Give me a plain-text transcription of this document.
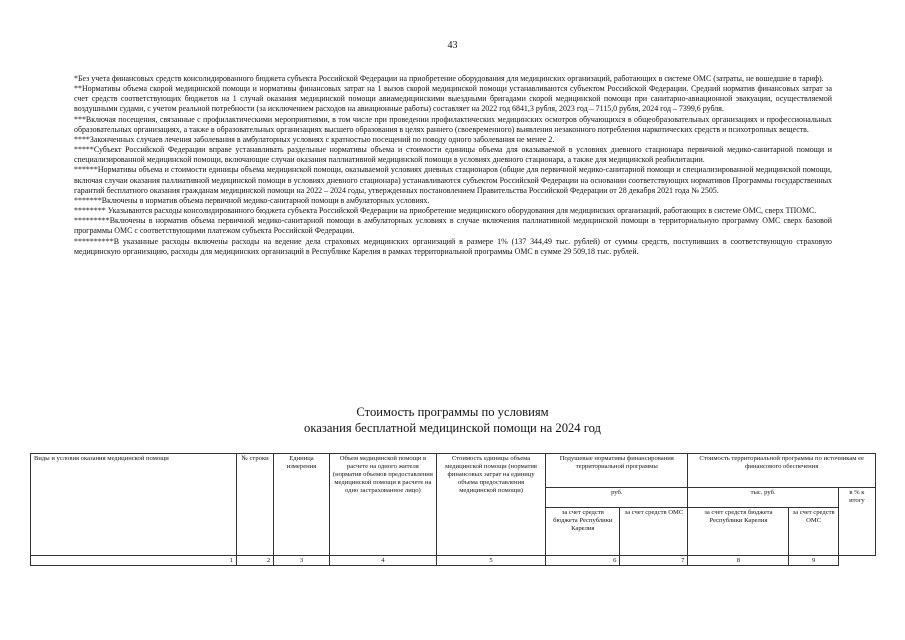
43

*Без учета финансовых средств консолидированного бюджета субъекта Российской Федерации на приобретение оборудования для медицинских организаций, работающих в системе ОМС (затраты, не вошедшие в тариф).

**Нормативы объема скорой медицинской помощи и нормативы финансовых затрат на 1 вызов скорой медицинской помощи устанавливаются субъектом Российской Федерации. Средний норматив финансовых затрат за счет средств соответствующих бюджетов на 1 случай оказания медицинской помощи авиамедицинскими выездными бригадами скорой медицинской помощи при санитарно-авиационной эвакуации, осуществляемой воздушными судами, с учетом реальной потребности (за исключением расходов на авиационные работы) составляет на 2022 год 6841,3 рубля, 2023 год – 7115,0 рубля, 2024 год – 7399,6 рубля.

***Включая посещения, связанные с профилактическими мероприятиями, в том числе при проведении профилактических медицинских осмотров обучающихся в общеобразовательных организациях и профессиональных образовательных организациях, а также в образовательных организациях высшего образования в целях раннего (своевременного) выявления незаконного потребления наркотических средств и психотропных веществ.

****Законченных случаев лечения заболевания в амбулаторных условиях с кратностью посещений по поводу одного заболевания не менее 2.

*****Субъект Российской Федерации вправе устанавливать раздельные нормативы объема и стоимости единицы объема для оказываемой в условиях дневного стационара первичной медико-санитарной помощи и специализированной медицинской помощи, включающие случаи оказания паллиативной медицинской помощи в условиях дневного стационара, а также для медицинской реабилитации.

******Нормативы объема и стоимости единицы объема медицинской помощи, оказываемой условиях дневных стационаров (общие для первичной медико-санитарной помощи и специализированной медицинской помощи, включая случаи оказания паллиативной медицинской помощи в условиях дневного стационара) устанавливаются субъектом Российской Федерации на основании соответствующих нормативов Программы государственных гарантий бесплатного оказания гражданам медицинской помощи на 2022 – 2024 годы, утвержденных постановлением Правительства Российской Федерации от 28 декабря 2021 года № 2505.

*******Включены в норматив объема первичной медико-санитарной помощи в амбулаторных условиях.

******** Указываются расходы консолидированного бюджета субъекта Российской Федерации на приобретение медицинского оборудования для медицинских организаций, работающих в системе ОМС, сверх ТПОМС.

*********Включены в норматив объема первичной медико-санитарной помощи в амбулаторных условиях в случае включения паллиативной медицинской помощи в территориальную программу ОМС сверх базовой программы ОМС с соответствующими платежом субъекта Российской Федерации.

**********В указанные расходы включены расходы на ведение дела страховых медицинских организаций в размере 1% (137 344,49 тыс. рублей) от суммы средств, поступивших в соответствующую страховую медицинскую организацию, расходы для медицинских организаций в Республике Карелия в рамках территориальной программы ОМС в сумме 29 509,18 тыс. рублей.

Стоимость программы по условиям
оказания бесплатной медицинской помощи на 2024 год
Виды и условия оказания медицинской помощи	№ строки	Единица измерения	Объем медицинской помощи в расчете на одного жителя (норматив объемов предоставления медицинской помощи в расчете на одно застрахованное лицо)	Стоимость единицы объема медицинской помощи (норматив финансовых затрат на единицу объема предоставления медицинской помощи)	Подушевые нормативы финансирования территориальной программы		Стоимость территориальной программы по источникам ее финансового обеспечения		
					руб.		тыс. руб.		в % к итогу
					за счет средств бюджета Республики Карелия	за счет средств ОМС	за счет средств бюджета Республики Карелия	за счет средств ОМС	
1	2	3	4	5	6	7	8	9	
